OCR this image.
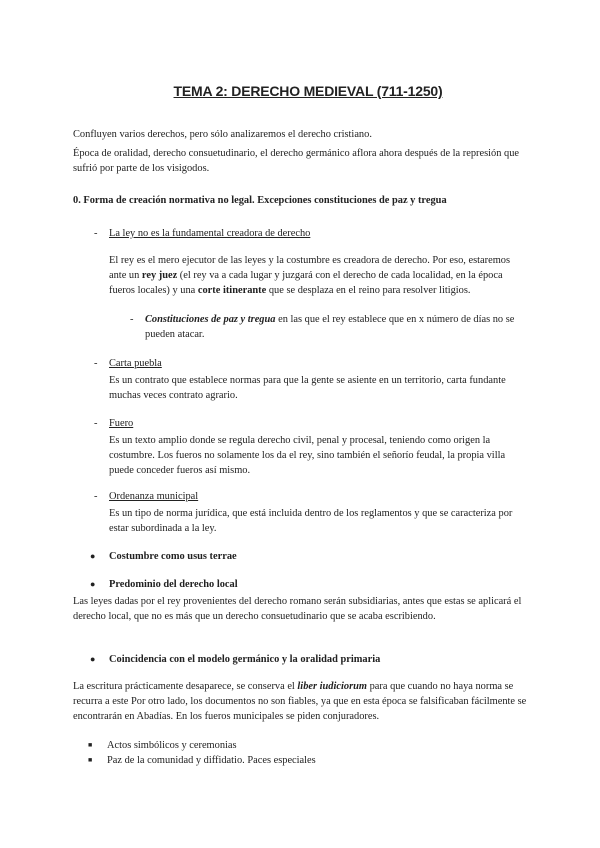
TEMA 2: DERECHO MEDIEVAL (711-1250)

Confluyen varios derechos, pero sólo analizaremos el derecho cristiano.

Época de oralidad, derecho consuetudinario, el derecho germánico aflora ahora después de la represión que sufrió por parte de los visigodos.

0. Forma de creación normativa no legal. Excepciones constituciones de paz y tregua

-	La ley no es la fundamental creadora de derecho

El rey es el mero ejecutor de las leyes y la costumbre es creadora de derecho. Por eso, estaremos ante un rey juez (el rey va a cada lugar y juzgará con el derecho de cada localidad, en la época fueros locales) y una corte itinerante que se desplaza en el reino para resolver litigios.

- Constituciones de paz y tregua en las que el rey establece que en x número de días no se pueden atacar.

-	Carta puebla

Es un contrato que establece normas para que la gente se asiente en un territorio, carta fundante muchas veces contrato agrario.

-	Fuero

Es un texto amplio donde se regula derecho civil, penal y procesal, teniendo como origen la costumbre. Los fueros no solamente los da el rey, sino también el señorío feudal, la propia villa puede conceder fueros así mismo.

-	Ordenanza municipal

Es un tipo de norma jurídica, que está incluida dentro de los reglamentos y que se caracteriza por estar subordinada a la ley.

● Costumbre como usus terrae

● Predominio del derecho local

Las leyes dadas por el rey provenientes del derecho romano serán subsidiarias, antes que estas se aplicará el derecho local, que no es más que un derecho consuetudinario que se acaba escribiendo.

● Coincidencia con el modelo germánico y la oralidad primaria

La escritura prácticamente desaparece, se conserva el liber iudiciorum para que cuando no haya norma se recurra a este Por otro lado, los documentos no son fiables, ya que en esta época se falsificaban fácilmente se encontrarán en Abadías. En los fueros municipales se piden conjuradores.

■ Actos simbólicos y ceremonias

■ Paz de la comunidad y diffidatio. Paces especiales
